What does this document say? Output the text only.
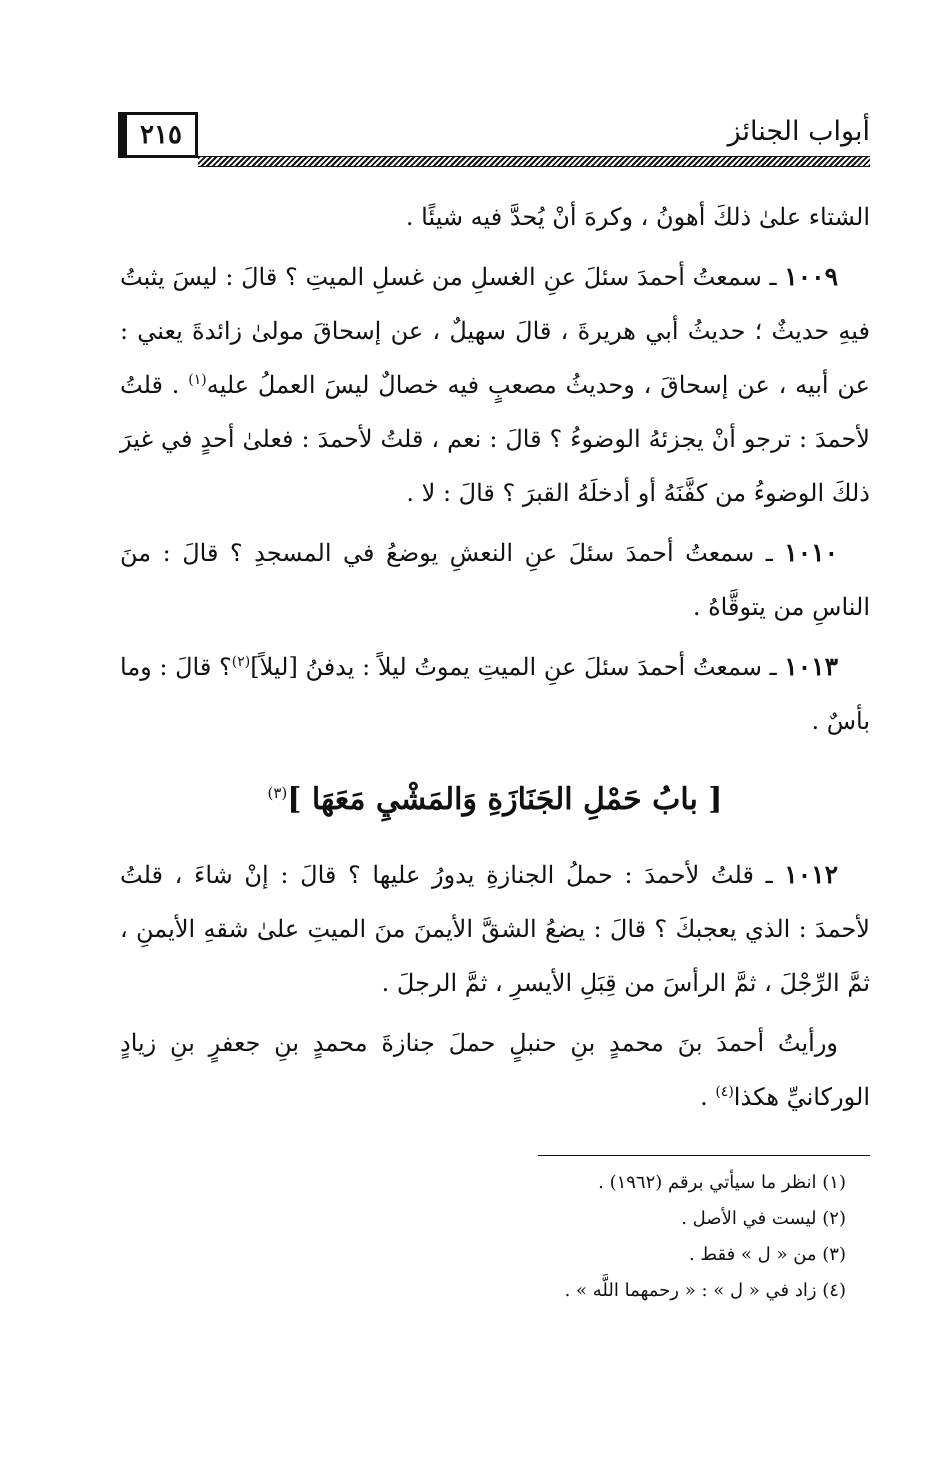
٢١٥	أبواب الجنائز

الشتاء علىٰ ذلكَ أهونُ ، وكرهَ أنْ يُحدَّ فيه شيئًا .

١٠٠٩ ـ سمعتُ أحمدَ سئلَ عنِ الغسلِ من غسلِ الميتِ ؟ قالَ : ليسَ يثبتُ فيهِ حديثٌ ؛ حديثُ أبي هريرةَ ، قالَ سهيلٌ ، عن إسحاقَ مولىٰ زائدةَ يعني : عن أبيه ، عن إسحاقَ ، وحديثُ مصعبٍ فيه خصالٌ ليسَ العملُ عليه$^{(١)}$ . قلتُ لأحمدَ : ترجو أنْ يجزئهُ الوضوءُ ؟ قالَ : نعم ، قلتُ لأحمدَ : فعلىٰ أحدٍ في غيرَ ذلكَ الوضوءُ من كفَّنَهُ أو أدخلَهُ القبرَ ؟ قالَ : لا .

١٠١٠ ـ سمعتُ أحمدَ سئلَ عنِ النعشِ يوضعُ في المسجدِ ؟ قالَ : منَ الناسِ من يتوقَّاهُ .

١٠١٣ ـ سمعتُ أحمدَ سئلَ عنِ الميتِ يموتُ ليلاً : يدفنُ [ليلاً]$^{(٢)}$؟ قالَ : وما بأسٌ .

[ بابُ حَمْلِ الجَنَازَةِ وَالمَشْيِ مَعَهَا ]$^{(٣)}$

١٠١٢ ـ قلتُ لأحمدَ : حملُ الجنازةِ يدورُ عليها ؟ قالَ : إنْ شاءَ ، قلتُ لأحمدَ : الذي يعجبكَ ؟ قالَ : يضعُ الشقَّ الأيمنَ منَ الميتِ علىٰ شقهِ الأيمنِ ، ثمَّ الرِّجْلَ ، ثمَّ الرأسَ من قِبَلِ الأيسرِ ، ثمَّ الرجلَ .

ورأيتُ أحمدَ بنَ محمدٍ بنِ حنبلٍ حملَ جنازةَ محمدٍ بنِ جعفرٍ بنِ زيادٍ الوركانيِّ هكذا$^{(٤)}$ .

(١) انظر ما سيأتي برقم (١٩٦٢) .

(٢) ليست في الأصل .

(٣) من « ل » فقط .

(٤) زاد في « ل » : « رحمهما اللَّه » .
